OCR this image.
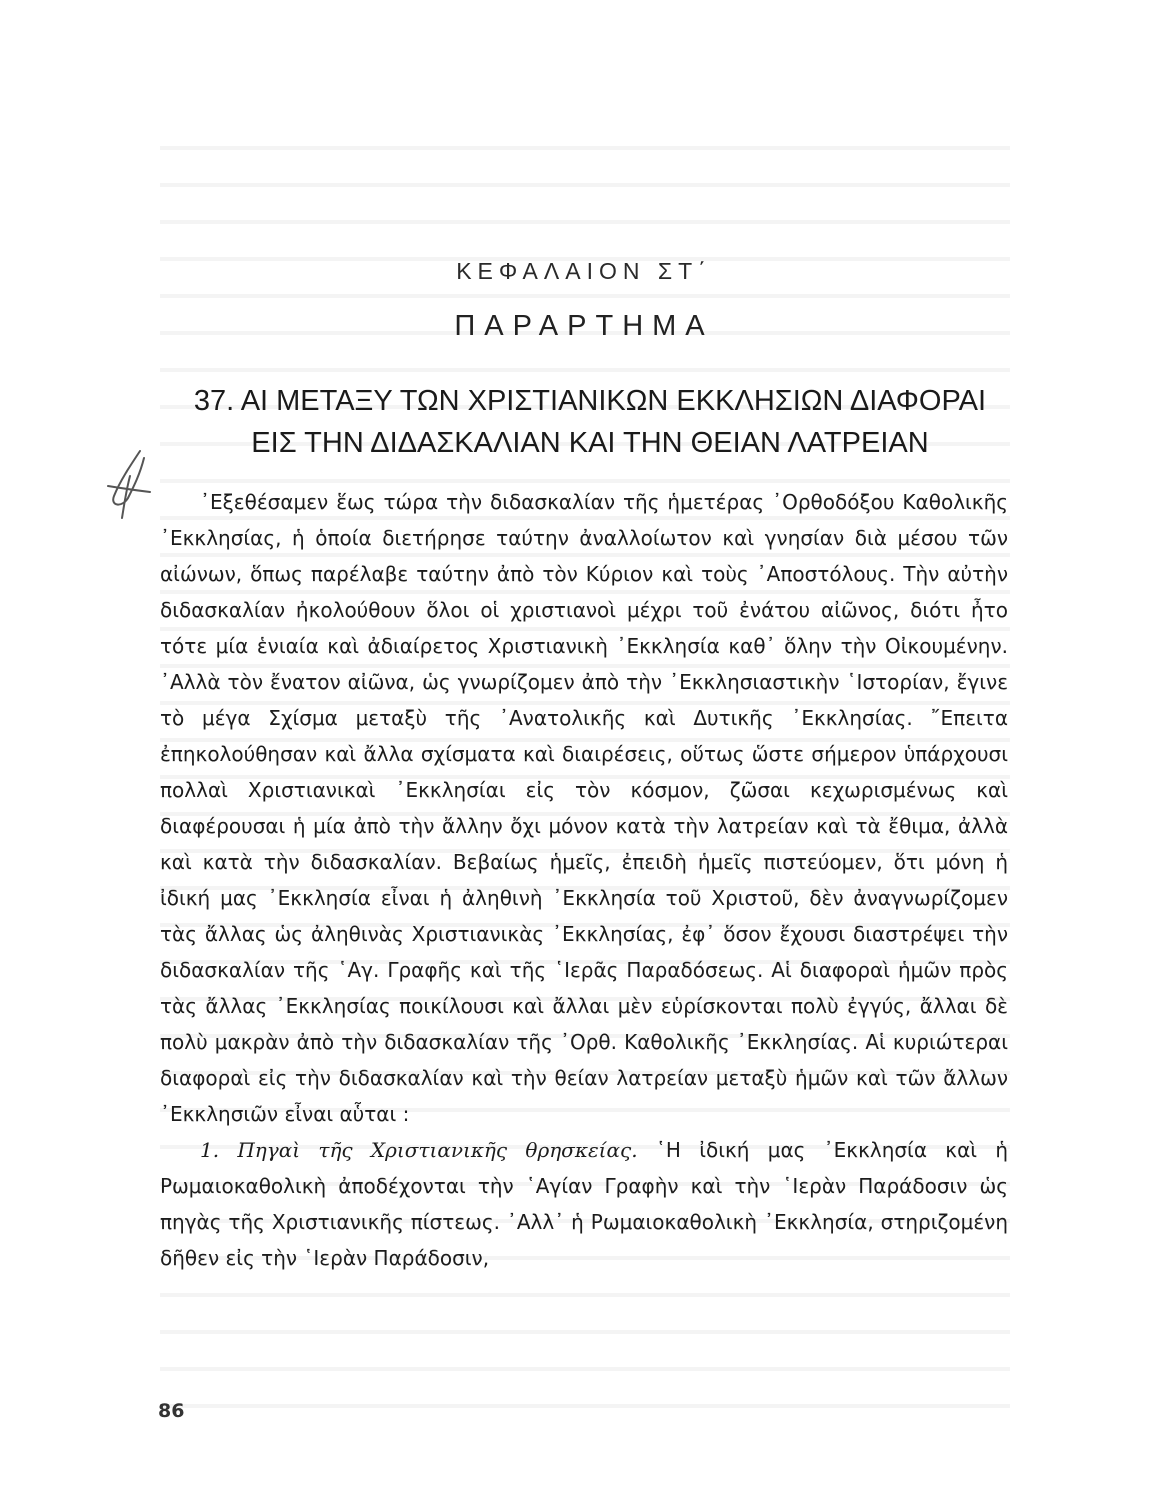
ΚΕΦΑΛΑΙΟΝ ΣΤ΄
ΠΑΡΑΡΤΗΜΑ
37. ΑΙ ΜΕΤΑΞΥ ΤΩΝ ΧΡΙΣΤΙΑΝΙΚΩΝ ΕΚΚΛΗΣΙΩΝ ΔΙΑΦΟΡΑΙ
ΕΙΣ ΤΗΝ ΔΙΔΑΣΚΑΛΙΑΝ ΚΑΙ ΤΗΝ ΘΕΙΑΝ ΛΑΤΡΕΙΑΝ

᾿Εξεθέσαμεν ἕως τώρα τὴν διδασκαλίαν τῆς ἡμετέρας ᾿Ορθοδόξου Καθολικῆς ᾿Εκκλησίας, ἡ ὁποία διετήρησε ταύτην ἀναλλοίωτον καὶ γνησίαν διὰ μέσου τῶν αἰώνων, ὅπως παρέλαβε ταύτην ἀπὸ τὸν Κύριον καὶ τοὺς ᾿Αποστόλους. Τὴν αὐτὴν διδασκαλίαν ἠκολούθουν ὅλοι οἱ χριστιανοὶ μέχρι τοῦ ἐνάτου αἰῶνος, διότι ἦτο τότε μία ἑνιαία καὶ ἀδιαίρετος Χριστιανικὴ ᾿Εκκλησία καθ᾿ ὅλην τὴν Οἰκουμένην. ᾿Αλλὰ τὸν ἔνατον αἰῶνα, ὡς γνωρίζομεν ἀπὸ τὴν ᾿Εκκλησιαστικὴν ῾Ιστορίαν, ἔγινε τὸ μέγα Σχίσμα μεταξὺ τῆς ᾿Ανατολικῆς καὶ Δυτικῆς ᾿Εκκλησίας. ῎Επειτα ἐπηκολούθησαν καὶ ἄλλα σχίσματα καὶ διαιρέσεις, οὕτως ὥστε σήμερον ὑπάρχουσι πολλαὶ Χριστιανικαὶ ᾿Εκκλησίαι εἰς τὸν κόσμον, ζῶσαι κεχωρισμένως καὶ διαφέρουσαι ἡ μία ἀπὸ τὴν ἄλλην ὄχι μόνον κατὰ τὴν λατρείαν καὶ τὰ ἔθιμα, ἀλλὰ καὶ κατὰ τὴν διδασκαλίαν. Βεβαίως ἡμεῖς, ἐπειδὴ ἡμεῖς πιστεύομεν, ὅτι μόνη ἡ ἰδική μας ᾿Εκκλησία εἶναι ἡ ἀληθινὴ ᾿Εκκλησία τοῦ Χριστοῦ, δὲν ἀναγνωρίζομεν τὰς ἄλλας ὡς ἀληθινὰς Χριστιανικὰς ᾿Εκκλησίας, ἐφ᾿ ὅσον ἔχουσι διαστρέψει τὴν διδασκαλίαν τῆς ῾Αγ. Γραφῆς καὶ τῆς ῾Ιερᾶς Παραδόσεως. Αἱ διαφοραὶ ἡμῶν πρὸς τὰς ἄλλας ᾿Εκκλησίας ποικίλουσι καὶ ἄλλαι μὲν εὑρίσκονται πολὺ ἐγγύς, ἄλλαι δὲ πολὺ μακρὰν ἀπὸ τὴν διδασκαλίαν τῆς ᾿Ορθ. Καθολικῆς ᾿Εκκλησίας. Αἱ κυριώτεραι διαφοραὶ εἰς τὴν διδασκαλίαν καὶ τὴν θείαν λατρείαν μεταξὺ ἡμῶν καὶ τῶν ἄλλων ᾿Εκκλησιῶν εἶναι αὗται :

1. Πηγαὶ τῆς Χριστιανικῆς θρησκείας. ῾Η ἰδική μας ᾿Εκκλησία καὶ ἡ Ρωμαιοκαθολικὴ ἀποδέχονται τὴν ῾Αγίαν Γραφὴν καὶ τὴν ῾Ιερὰν Παράδοσιν ὡς πηγὰς τῆς Χριστιανικῆς πίστεως. ᾿Αλλ᾿ ἡ Ρωμαιοκαθολικὴ ᾿Εκκλησία, στηριζομένη δῆθεν εἰς τὴν ῾Ιερὰν Παράδοσιν,

86
